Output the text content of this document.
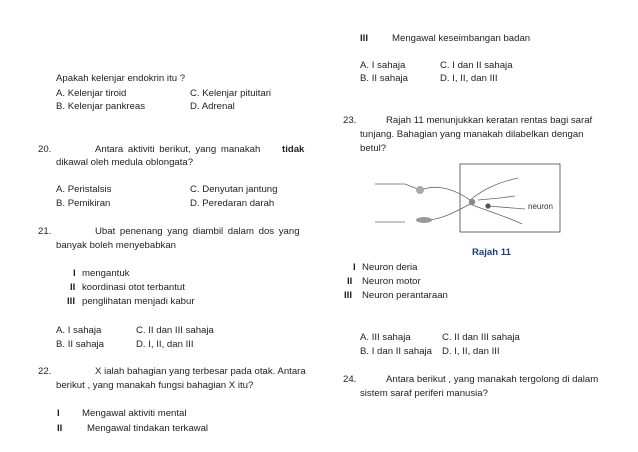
Apakah kelenjar endokrin itu ?
A. Kelenjar tiroid	C. Kelenjar pituitari
B. Kelenjar pankreas	D. Adrenal
20.	Antara aktiviti berikut, yang manakah tidak
dikawal oleh medula oblongata?
A. Peristalsis	C. Denyutan jantung
B. Pemikiran	D. Peredaran darah
21.	Ubat penenang yang diambil dalam dos yang
banyak boleh menyebabkan
I mengantuk
II koordinasi otot terbantut
III penglihatan menjadi kabur
A. I sahaja	C. II dan III sahaja
B. II sahaja	D. I, II, dan III
22.	X ialah bahagian yang terbesar pada otak. Antara
berikut , yang manakah fungsi bahagian X itu?
I Mengawal aktiviti mental
II	Mengawal tindakan terkawal
III	Mengawal keseimbangan badan
A. I sahaja	C. I dan II sahaja
B. II sahaja	D. I, II, dan III
23.	Rajah 11 menunjukkan keratan rentas bagi saraf
tunjang. Bahagian yang manakah dilabelkan dengan
betul?
neuron
Rajah 11
I Neuron deria
II Neuron motor
III Neuron perantaraan
A. III sahaja	C. II dan III sahaja
B. I dan II sahaja D. I, II, dan III
24.	Antara berikut , yang manakah tergolong di dalam
sistem saraf periferi manusia?
